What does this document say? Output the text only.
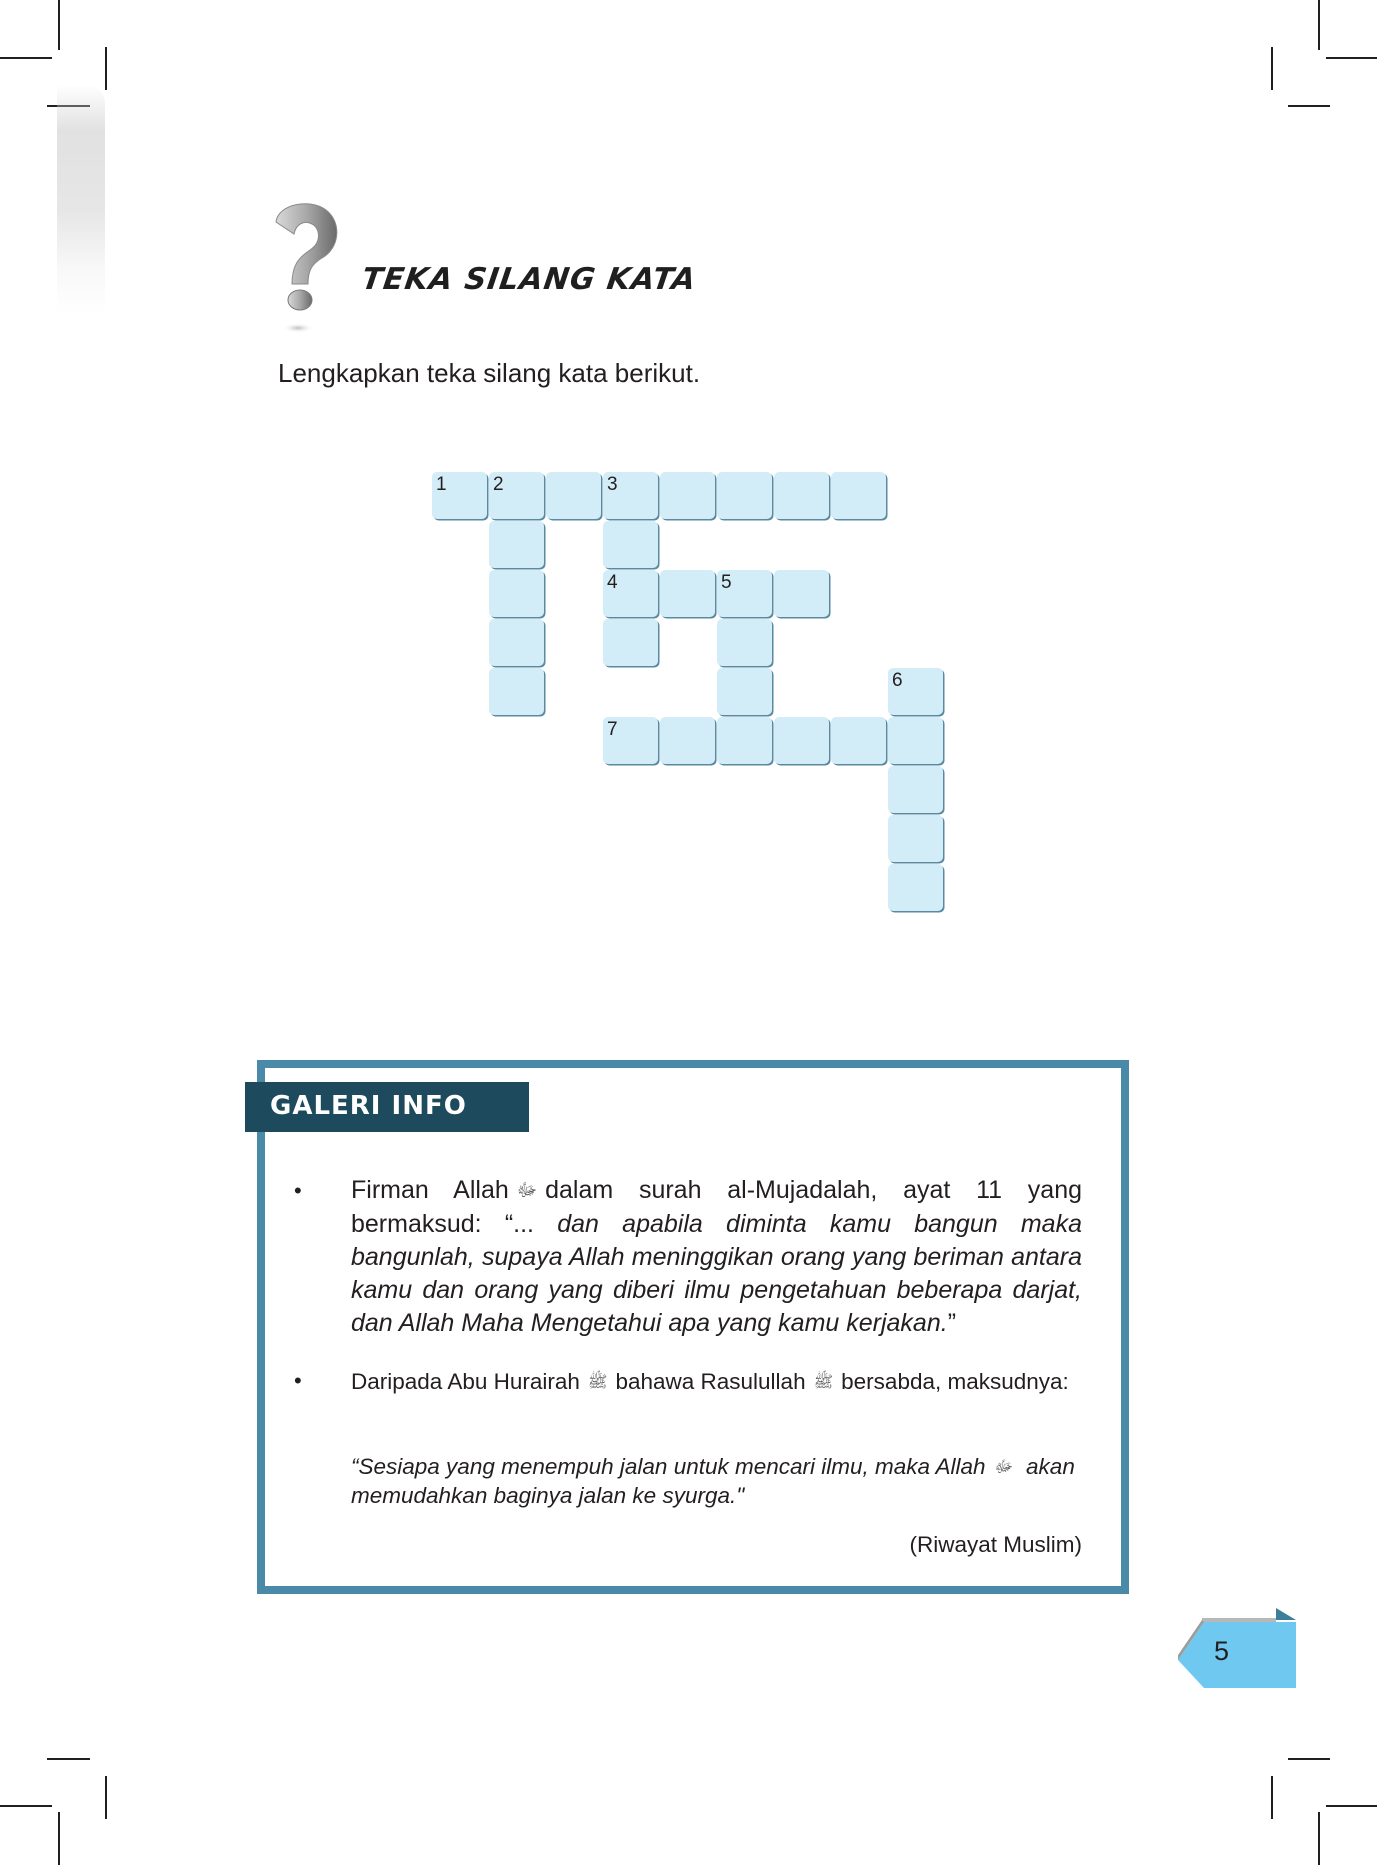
TEKA SILANG KATA
Lengkapkan teka silang kata berikut.
1 2	3
4	5
6
7
GALERI INFO
• Firman Allah ﷻ dalam surah al-Mujadalah, ayat 11 yang bermaksud: “... dan apabila diminta kamu bangun maka bangunlah, supaya Allah meninggikan orang yang beriman antara kamu dan orang yang diberi ilmu pengetahuan beberapa darjat, dan Allah Maha Mengetahui apa yang kamu kerjakan.”
• Daripada Abu Hurairah ﷺ bahawa Rasulullah ﷺ bersabda, maksudnya:
“Sesiapa yang menempuh jalan untuk mencari ilmu, maka Allah ﷻ akan memudahkan baginya jalan ke syurga."
(Riwayat Muslim)
5
